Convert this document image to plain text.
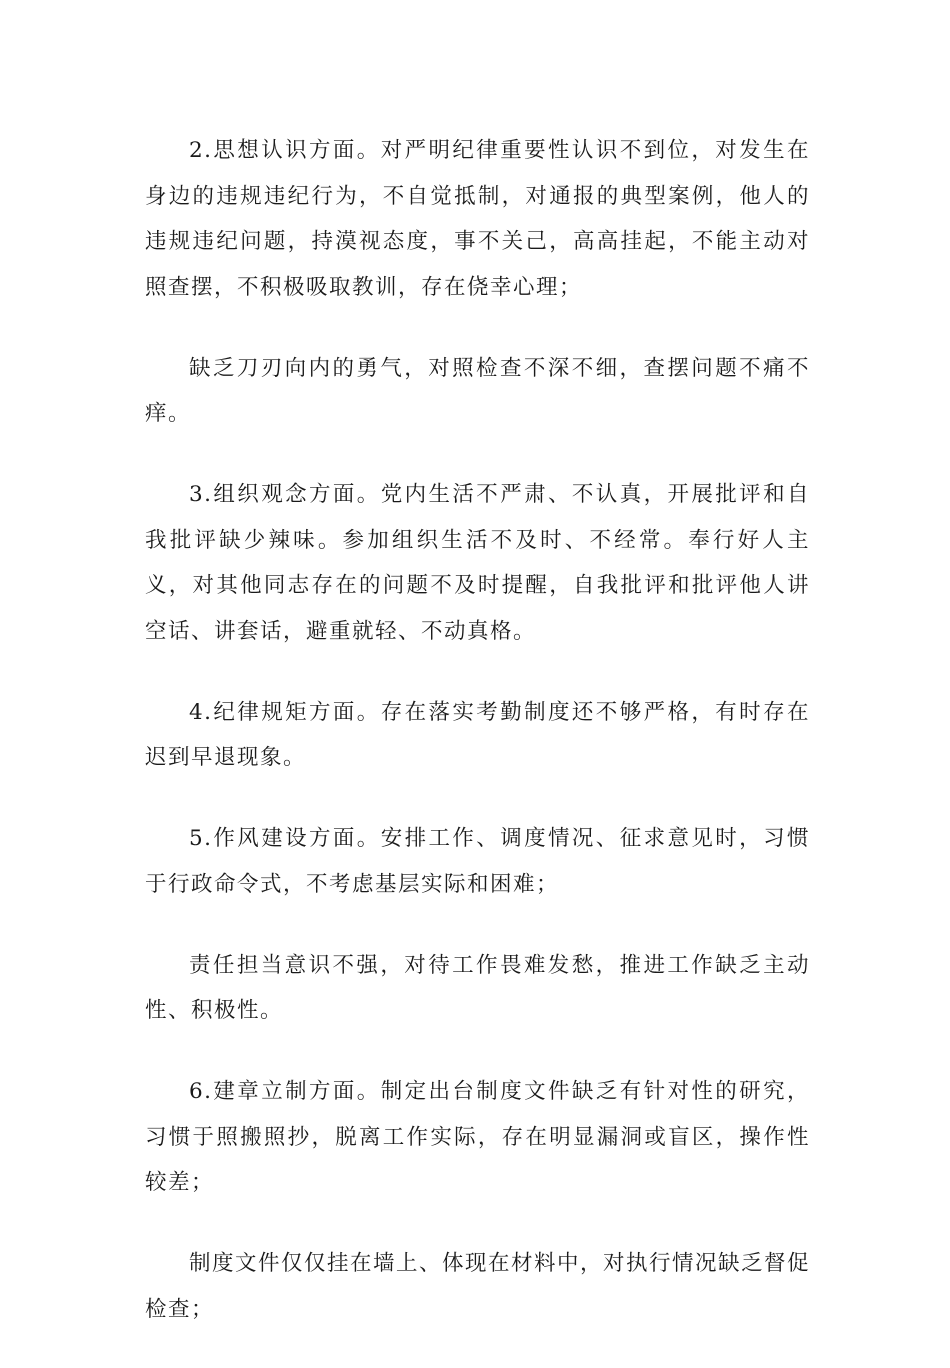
2.思想认识方面。对严明纪律重要性认识不到位，对发生在身边的违规违纪行为，不自觉抵制，对通报的典型案例，他人的违规违纪问题，持漠视态度，事不关己，高高挂起，不能主动对照查摆，不积极吸取教训，存在侥幸心理；

缺乏刀刃向内的勇气，对照检查不深不细，查摆问题不痛不痒。

3.组织观念方面。党内生活不严肃、不认真，开展批评和自我批评缺少辣味。参加组织生活不及时、不经常。奉行好人主义，对其他同志存在的问题不及时提醒，自我批评和批评他人讲空话、讲套话，避重就轻、不动真格。

4.纪律规矩方面。存在落实考勤制度还不够严格，有时存在迟到早退现象。

5.作风建设方面。安排工作、调度情况、征求意见时，习惯于行政命令式，不考虑基层实际和困难；

责任担当意识不强，对待工作畏难发愁，推进工作缺乏主动性、积极性。

6.建章立制方面。制定出台制度文件缺乏有针对性的研究，习惯于照搬照抄，脱离工作实际，存在明显漏洞或盲区，操作性较差；

制度文件仅仅挂在墙上、体现在材料中，对执行情况缺乏督促检查；
